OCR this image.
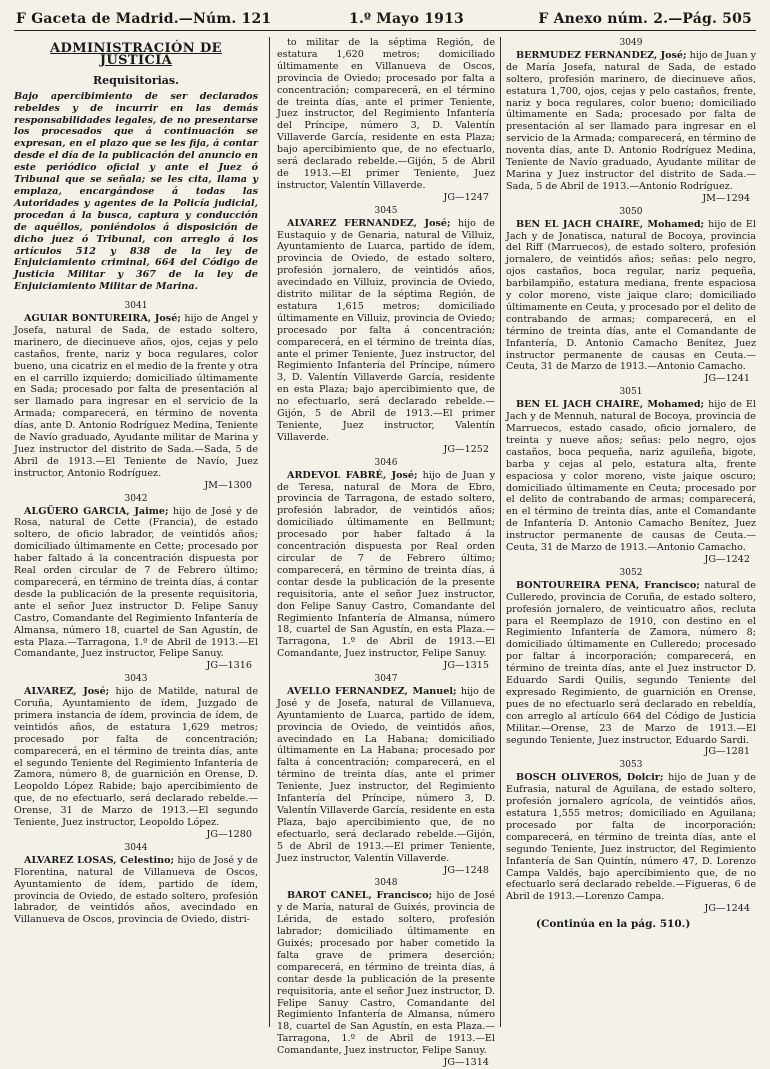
F Gaceta de Madrid.—Núm. 121	1.º Mayo 1913	F Anexo núm. 2.—Pág. 505
ADMINISTRACIÓN DE JUSTICIA
Requisitorias.

Bajo apercibimiento de ser declarados rebeldes y de incurrir en las demás responsabilidades legales, de no presentarse los procesados que á continuación se expresan, en el plazo que se les fija, á contar desde el día de la publicación del anuncio en este periódico oficial y ante el Juez ó Tribunal que se señala; se les cita, llama y emplaza, encargándose á todas las Autoridades y agentes de la Policía judicial, procedan á la busca, captura y conducción de aquéllos, poniéndolos á disposición de dicho juez ó Tribunal, con arreglo á los artículos 512 y 838 de la ley de Enjuiciamiento criminal, 664 del Código de Justicia Militar y 367 de la ley de Enjuiciamiento Militar de Marina.

3041

AGUIAR BONTUREIRA, José; hijo de Angel y Josefa, natural de Sada, de estado soltero, marinero, de diecinueve años, ojos, cejas y pelo castaños, frente, nariz y boca regulares, color bueno, una cicatriz en el medio de la frente y otra en el carrillo izquierdo; domiciliado últimamente en Sada; procesado por falta de presentación al ser llamado para ingresar en el servicio de la Armada; comparecerá, en término de noventa días, ante D. Antonio Rodríguez Medina, Teniente de Navío graduado, Ayudante militar de Marina y Juez instructor del distrito de Sada.—Sada, 5 de Abril de 1913.—El Teniente de Navío, Juez instructor, Antonio Rodríguez.

JM—1300
3042

ALGÜERO GARCIA, Jaime; hijo de José y de Rosa, natural de Cette (Francia), de estado soltero, de oficio labrador, de veintidós años; domiciliado últimamente en Cette; procesado por haber faltado á la concentración dispuesta por Real orden circular de 7 de Febrero último; comparecerá, en término de treinta días, á contar desde la publicación de la presente requisitoria, ante el señor Juez instructor D. Felipe Sanuy Castro, Comandante del Regimiento Infantería de Almansa, número 18, cuartel de San Agustín, de esta Plaza.—Tarragona, 1.º de Abril de 1913.—El Comandante, Juez instructor, Felipe Sanuy.

JG—1316
3043

ALVAREZ, José; hijo de Matilde, natural de Coruña, Ayuntamiento de ídem, Juzgado de primera instancia de ídem, provincia de ídem, de veintidós años, de estatura 1,629 metros; procesado por falta de concentración; comparecerá, en el término de treinta días, ante el segundo Teniente del Regimiento Infantería de Zamora, número 8, de guarnición en Orense, D. Leopoldo López Rabide; bajo apercibimiento de que, de no efectuarlo, será declarado rebelde.—Orense, 31 de Marzo de 1913.—El segundo Teniente, Juez instructor, Leopoldo López.

JG—1280
3044

ALVAREZ LOSAS, Celestino; hijo de José y de Florentina, natural de Villanueva de Oscos, Ayuntamiento de ídem, partido de ídem, provincia de Oviedo, de estado soltero, profesión labrador, de veintidós años, avecindado en Villanueva de Oscos, provincia de Oviedo, distri-

to militar de la séptima Región, de estatura 1,620 metros; domiciliado últimamente en Villanueva de Oscos, provincia de Oviedo; procesado por falta a concentración; comparecerá, en el término de treinta días, ante el primer Teniente, Juez instructor, del Regimiento Infantería del Príncipe, número 3, D. Valentín Villaverde García, residente en esta Plaza; bajo apercibimiento que, de no efectuarlo, será declarado rebelde.—Gijón, 5 de Abril de 1913.—El primer Teniente, Juez instructor, Valentín Villaverde.

JG—1247
3045

ALVAREZ FERNANDEZ, José; hijo de Eustaquio y de Genaria, natural de Villuiz, Ayuntamiento de Luarca, partido de ídem, provincia de Oviedo, de estado soltero, profesión jornalero, de veintidós años, avecindado en Villuiz, provincia de Oviedo, distrito militar de la séptima Región, de estatura 1,615 metros; domiciliado últimamente en Villuiz, provincia de Oviedo; procesado por falta á concentración; comparecerá, en el término de treinta días, ante el primer Teniente, Juez instructor, del Regimiento Infantería del Príncipe, número 3, D. Valentín Villaverde García, residente en esta Plaza; bajo apercibimiento que, de no efectuarlo, será declarado rebelde.—Gijón, 5 de Abril de 1913.—El primer Teniente, Juez instructor, Valentín Villaverde.

JG—1252
3046

ARDEVOL FABRÉ, José; hijo de Juan y de Teresa, natural de Mora de Ebro, provincia de Tarragona, de estado soltero, profesión labrador, de veintidós años; domiciliado últimamente en Bellmunt; procesado por haber faltado á la concentración dispuesta por Real orden circular de 7 de Febrero último; comparecerá, en término de treinta días, á contar desde la publicación de la presente requisitoria, ante el señor Juez instructor, don Felipe Sanuy Castro, Comandante del Regimiento Infantería de Almansa, número 18, cuartel de San Agustín, en esta Plaza.—Tarragona, 1.º de Abril de 1913.—El Comandante, Juez instructor, Felipe Sanuy.

JG—1315
3047

AVELLO FERNANDEZ, Manuel; hijo de José y de Josefa, natural de Villanueva, Ayuntamiento de Luarca, partido de ídem, provincia de Oviedo, de veintidós años, avecindado en La Habana; domiciliado últimamente en La Habana; procesado por falta á concentración; comparecerá, en el término de treinta días, ante el primer Teniente, Juez instructor, del Regimiento Infantería del Príncipe, número 3, D. Valentín Villaverde García, residente en esta Plaza, bajo apercibimiento que, de no efectuarlo, será declarado rebelde.—Gijón, 5 de Abril de 1913.—El primer Teniente, Juez instructor, Valentín Villaverde.

JG—1248
3048

BAROT CANEL, Francisco; hijo de José y de María, natural de Guixés, provincia de Lérida, de estado soltero, profesión labrador; domiciliado últimamente en Guixés; procesado por haber cometido la falta grave de primera deserción; comparecerá, en término de treinta días, á contar desde la publicación de la presente requisitoria, ante el señor Juez instructor, D. Felipe Sanuy Castro, Comandante del Regimiento Infantería de Almansa, número 18, cuartel de San Agustín, en esta Plaza.—Tarragona, 1.º de Abril de 1913.—El Comandante, Juez instructor, Felipe Sanuy.

JG—1314
3049

BERMUDEZ FERNANDEZ, José; hijo de Juan y de María Josefa, natural de Sada, de estado soltero, profesión marinero, de diecinueve años, estatura 1,700, ojos, cejas y pelo castaños, frente, nariz y boca regulares, color bueno; domiciliado últimamente en Sada; procesado por falta de presentación al ser llamado para ingresar en el servicio de la Armada; comparecerá, en término de noventa días, ante D. Antonio Rodríguez Medina, Teniente de Navío graduado, Ayudante militar de Marina y Juez instructor del distrito de Sada.—Sada, 5 de Abril de 1913.—Antonio Rodríguez.

JM—1294
3050

BEN EL JACH CHAIRE, Mohamed; hijo de El Jach y de Jonatisca, natural de Bocoya, provincia del Riff (Marruecos), de estado soltero, profesión jornalero, de veintidós años; señas: pelo negro, ojos castaños, boca regular, nariz pequeña, barbilampiño, estatura mediana, frente espaciosa y color moreno, viste jaique claro; domiciliado últimamente en Ceuta, y procesado por el delito de contrabando de armas; comparecerá, en el término de treinta días, ante el Comandante de Infantería, D. Antonio Camacho Benítez, Juez instructor permanente de causas en Ceuta.—Ceuta, 31 de Marzo de 1913.—Antonio Camacho.

JG—1241
3051

BEN EL JACH CHAIRE, Mohamed; hijo de El Jach y de Mennuh, natural de Bocoya, provincia de Marruecos, estado casado, oficio jornalero, de treinta y nueve años; señas: pelo negro, ojos castaños, boca pequeña, nariz aguileña, bigote, barba y cejas al pelo, estatura alta, frente espaciosa y color moreno, viste jaique oscuro; domiciliado últimamente en Ceuta; procesado por el delito de contrabando de armas; comparecerá, en el término de treinta días, ante el Comandante de Infantería D. Antonio Camacho Benítez, Juez instructor permanente de causas de Ceuta.—Ceuta, 31 de Marzo de 1913.—Antonio Camacho.

JG—1242
3052

BONTOUREIRA PENA, Francisco; natural de Culleredo, provincia de Coruña, de estado soltero, profesión jornalero, de veinticuatro años, recluta para el Reemplazo de 1910, con destino en el Regimiento Infantería de Zamora, número 8; domiciliado últimamente en Culleredo; procesado por faltar á incorporación; comparecerá, en término de treinta días, ante el Juez instructor D. Eduardo Sardi Quilis, segundo Teniente del expresado Regimiento, de guarnición en Orense, pues de no efectuarlo será declarado en rebeldía, con arreglo al artículo 664 del Código de Justicia Militar.—Orense, 23 de Marzo de 1913.—El segundo Teniente, Juez instructor, Eduardo Sardi.

JG—1281
3053

BOSCH OLIVEROS, Dolcir; hijo de Juan y de Eufrasia, natural de Aguilana, de estado soltero, profesión jornalero agrícola, de veintidós años, estatura 1,555 metros; domiciliado en Aguilana; procesado por falta de incorporación; comparecerá, en término de treinta días, ante el segundo Teniente, Juez instructor, del Regimiento Infantería de San Quintín, número 47, D. Lorenzo Campa Valdés, bajo apercibimiento que, de no efectuarlo será declarado rebelde.—Figueras, 6 de Abril de 1913.—Lorenzo Campa.

JG—1244
(Continúa en la pág. 510.)
